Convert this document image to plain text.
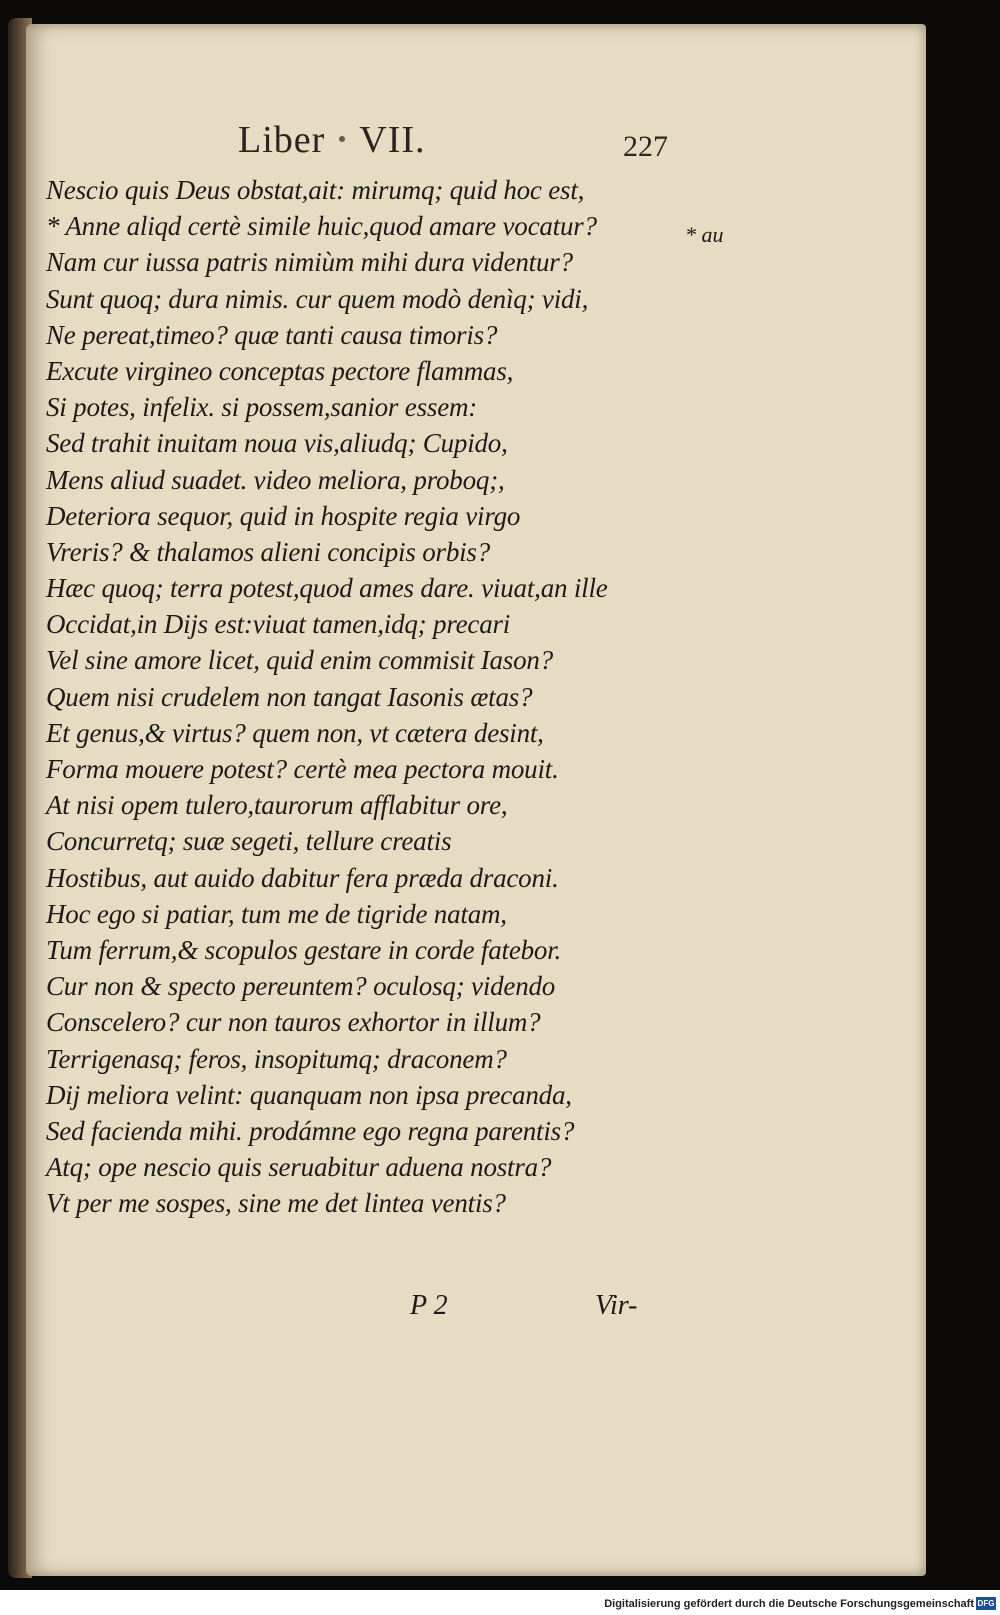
Liber VII.	227
* au
Nescio quis Deus obstat,ait: mirumq; quid hoc est,
* Anne aliqd certè simile huic,quod amare vocatur?
Nam cur iussa patris nimiùm mihi dura videntur?
Sunt quoq; dura nimis. cur quem modò denìq; vidi,
Ne pereat,timeo? quæ tanti causa timoris?
Excute virgineo conceptas pectore flammas,
Si potes, infelix. si possem,sanior essem:
Sed trahit inuitam noua vis,aliudq; Cupido,
Mens aliud suadet. video meliora, proboq;,
Deteriora sequor, quid in hospite regia virgo
Vreris? & thalamos alieni concipis orbis?
Hæc quoq; terra potest,quod ames dare. viuat,an ille
Occidat,in Dijs est:viuat tamen,idq; precari
Vel sine amore licet, quid enim commisit Iason?
Quem nisi crudelem non tangat Iasonis ætas?
Et genus,& virtus? quem non, vt cætera desint,
Forma mouere potest? certè mea pectora mouit.
At nisi opem tulero,taurorum afflabitur ore,
Concurretq; suæ segeti, tellure creatis
Hostibus, aut auido dabitur fera præda draconi.
Hoc ego si patiar, tum me de tigride natam,
Tum ferrum,& scopulos gestare in corde fatebor.
Cur non & specto pereuntem? oculosq; videndo
Conscelero? cur non tauros exhortor in illum?
Terrigenasq; feros, insopitumq; draconem?
Dij meliora velint: quanquam non ipsa precanda,
Sed facienda mihi. prodámne ego regna parentis?
Atq; ope nescio quis seruabitur aduena nostra?
Vt per me sospes, sine me det lintea ventis?
P 2	Vir-
Digitalisierung gefördert durch die Deutsche Forschungsgemeinschaft DFG
